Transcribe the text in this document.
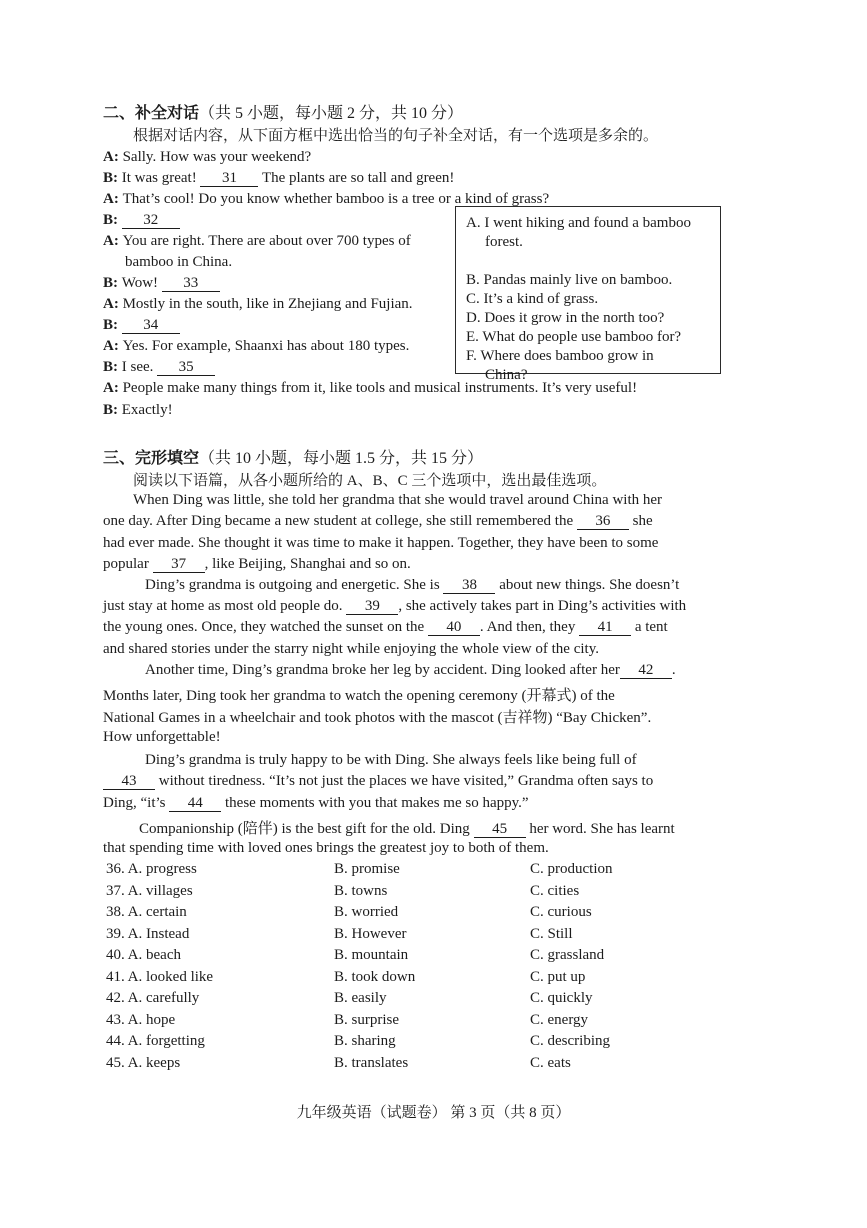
二、补全对话（共 5 小题，每小题 2 分，共 10 分）
根据对话内容，从下面方框中选出恰当的句子补全对话，有一个选项是多余的。
A: Sally. How was your weekend?
B: It was great! 31 The plants are so tall and green!
A: That’s cool! Do you know whether bamboo is a tree or a kind of grass?
B: 32
A: You are right. There are about over 700 types of
bamboo in China.
B: Wow! 33
A: Mostly in the south, like in Zhejiang and Fujian.
B: 34
A: Yes. For example, Shaanxi has about 180 types.
B: I see. 35
A: People make many things from it, like tools and musical instruments. It’s very useful!
B: Exactly!
A. I went hiking and found a bamboo
forest.
B. Pandas mainly live on bamboo.
C. It’s a kind of grass.
D. Does it grow in the north too?
E. What do people use bamboo for?
F. Where does bamboo grow in
China?
三、完形填空（共 10 小题，每小题 1.5 分，共 15 分）
阅读以下语篇，从各小题所给的 A、B、C 三个选项中，选出最佳选项。
When Ding was little, she told her grandma that she would travel around China with her
one day. After Ding became a new student at college, she still remembered the 36 she
had ever made. She thought it was time to make it happen. Together, they have been to some
popular 37 , like Beijing, Shanghai and so on.
Ding’s grandma is outgoing and energetic. She is 38 about new things. She doesn’t
just stay at home as most old people do. 39 , she actively takes part in Ding’s activities with
the young ones. Once, they watched the sunset on the 40 . And then, they 41 a tent
and shared stories under the starry night while enjoying the whole view of the city.
Another time, Ding’s grandma broke her leg by accident. Ding looked after her 42 .
Months later, Ding took her grandma to watch the opening ceremony (开幕式) of the
National Games in a wheelchair and took photos with the mascot (吉祥物) “Bay Chicken”.
How unforgettable!
Ding’s grandma is truly happy to be with Ding. She always feels like being full of
43 without tiredness. “It’s not just the places we have visited,” Grandma often says to
Ding, “it’s 44 these moments with you that makes me so happy.”
Companionship (陪伴) is the best gift for the old. Ding 45 her word. She has learnt
that spending time with loved ones brings the greatest joy to both of them.
36. A. progress	B. promise	C. production
37. A. villages	B. towns	C. cities
38. A. certain	B. worried	C. curious
39. A. Instead	B. However	C. Still
40. A. beach	B. mountain	C. grassland
41. A. looked like	B. took down	C. put up
42. A. carefully	B. easily	C. quickly
43. A. hope	B. surprise	C. energy
44. A. forgetting	B. sharing	C. describing
45. A. keeps	B. translates	C. eats
九年级英语（试题卷） 第 3 页（共 8 页）
